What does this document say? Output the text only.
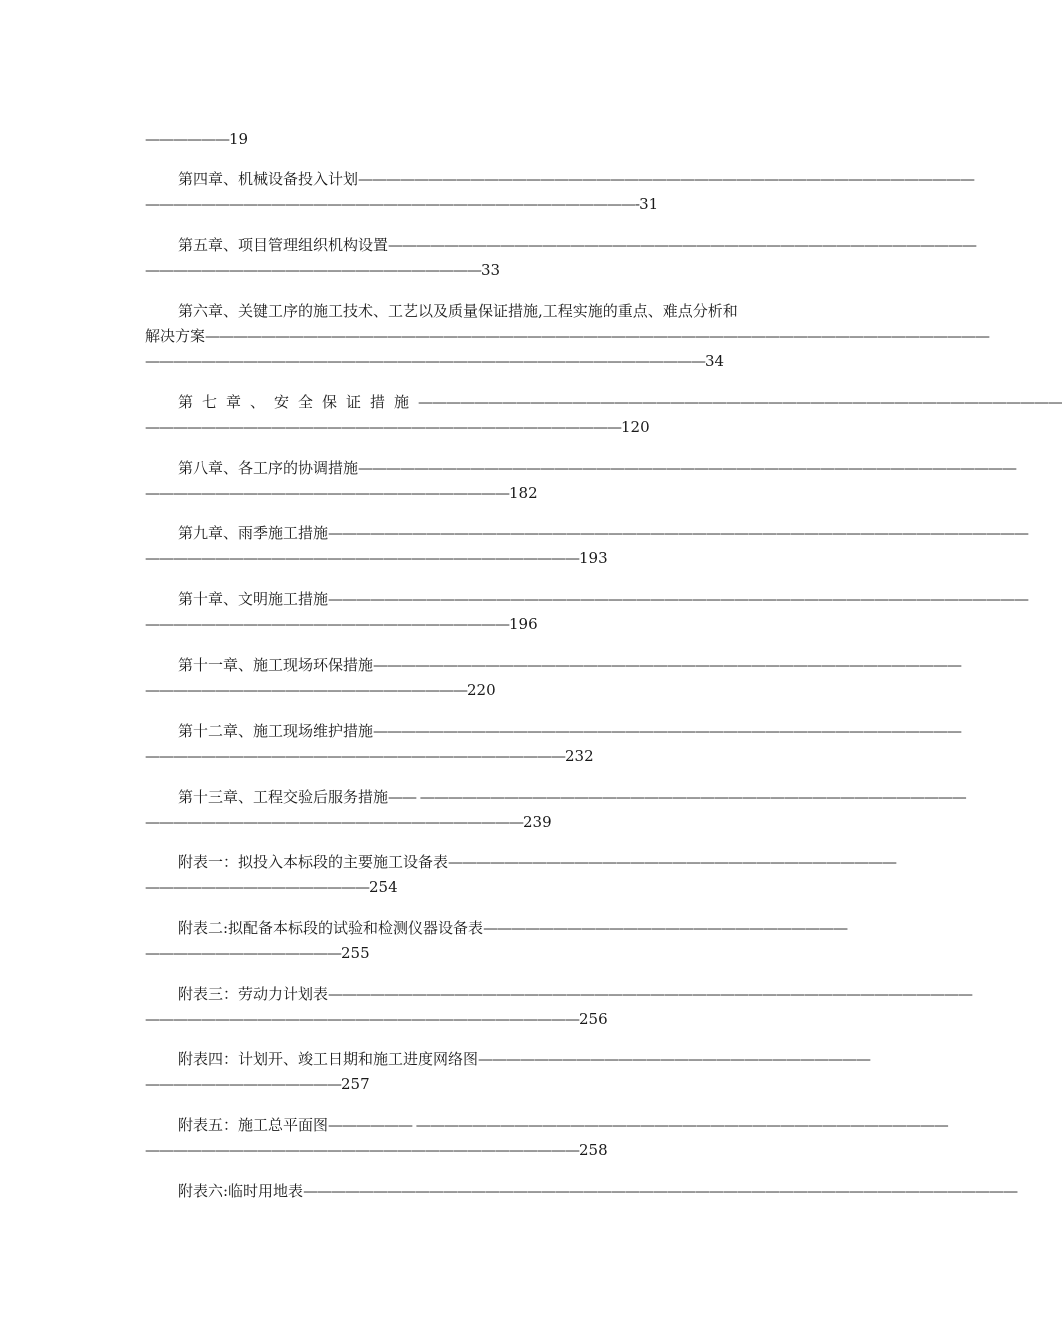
——————19
第四章、机械设备投入计划————————————————————————————————————————————
———————————————————————————————————-31
第五章、项目管理组织机构设置——————————————————————————————————————————
————————————————————————33
第六章、关键工序的施工技术、工艺以及质量保证措施,工程实施的重点、难点分析和
解决方案————————————————————————————————————————————————————————
————————————————————————————————————————34
第七章、安全保证措施——————————————————————————————————————————————
——————————————————————————————————120
第八章、各工序的协调措施———————————————————————————————————————————————
——————————————————————————182
第九章、雨季施工措施——————————————————————————————————————————————————
———————————————————————————————193
第十章、文明施工措施——————————————————————————————————————————————————
——————————————————————————196
第十一章、施工现场环保措施——————————————————————————————————————————
———————————————————————220
第十二章、施工现场维护措施——————————————————————————————————————————
——————————————————————————————232
第十三章、工程交验后服务措施—— ———————————————————————————————————————
———————————————————————————239
附表一：拟投入本标段的主要施工设备表————————————————————————————————
————————————————254
附表二:拟配备本标段的试验和检测仪器设备表——————————————————————————
——————————————255
附表三：劳动力计划表——————————————————————————————————————————————
———————————————————————————————256
附表四：计划开、竣工日期和施工进度网络图————————————————————————————
——————————————257
附表五：施工总平面图—————— ——————————————————————————————————————
———————————————————————————————258
附表六:临时用地表———————————————————————————————————————————————————
